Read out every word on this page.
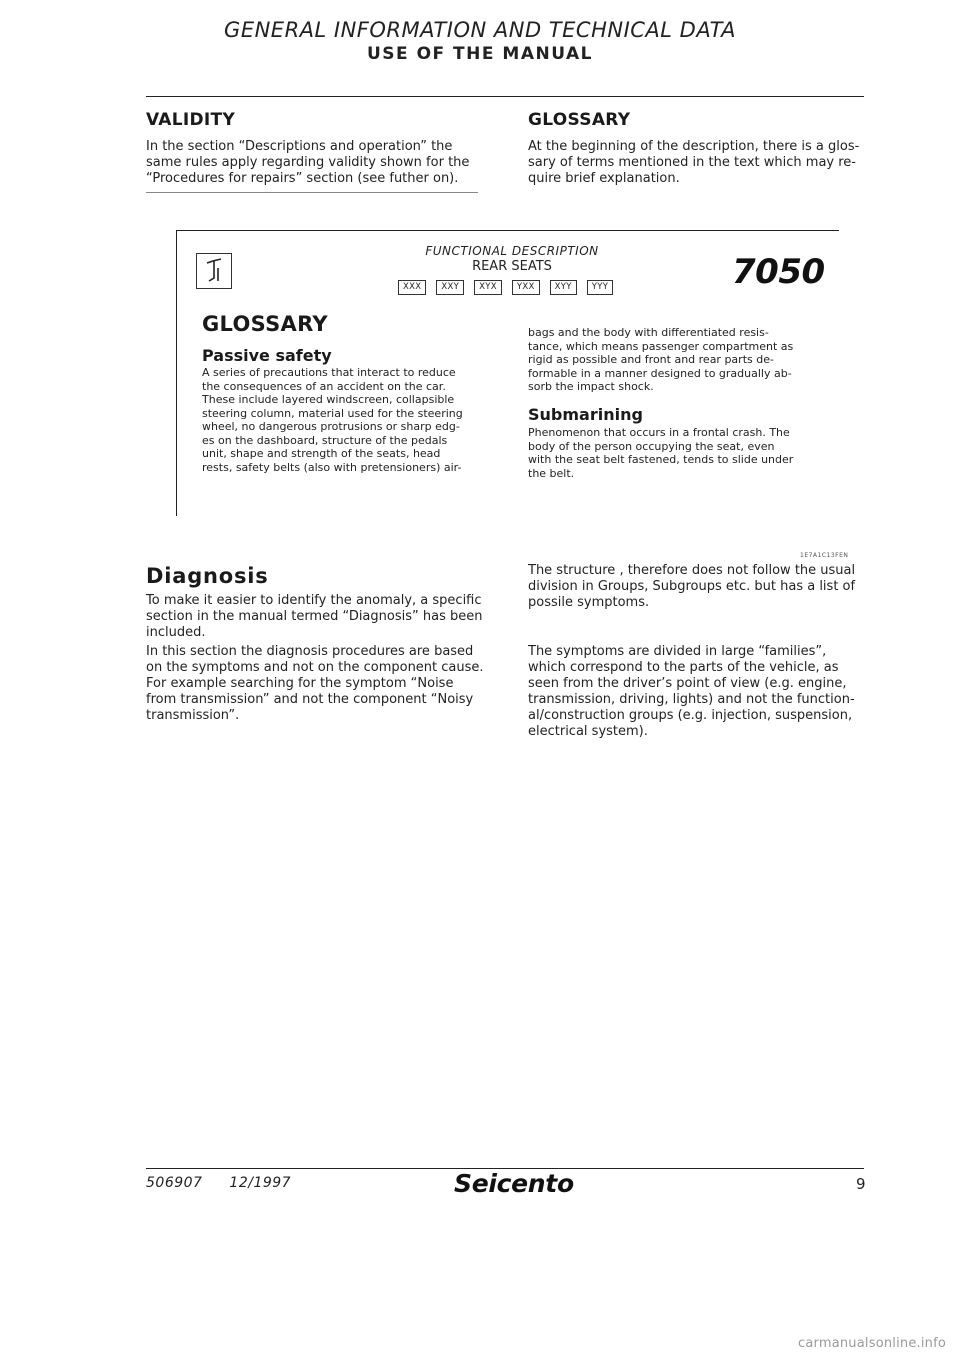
GENERAL INFORMATION AND TECHNICAL DATA
USE OF THE MANUAL
VALIDITY
In the section “Descriptions and operation” the
same rules apply regarding validity shown for the
“Procedures for repairs” section (see futher on).
GLOSSARY
At the beginning of the description, there is a glos-
sary of terms mentioned in the text which may re-
quire brief explanation.
FUNCTIONAL DESCRIPTION
REAR SEATS
XXX	XXY	XYX	YXX	XYY	YYY	7050
GLOSSARY
Passive safety
A series of precautions that interact to reduce
the consequences of an accident on the car.
These include layered windscreen, collapsible
steering column, material used for the steering
wheel, no dangerous protrusions or sharp edg-
es on the dashboard, structure of the pedals
unit, shape and strength of the seats, head
rests, safety belts (also with pretensioners) air-
bags and the body with differentiated resis-
tance, which means passenger compartment as
rigid as possible and front and rear parts de-
formable in a manner designed to gradually ab-
sorb the impact shock.
Submarining
Phenomenon that occurs in a frontal crash. The
body of the person occupying the seat, even
with the seat belt fastened, tends to slide under
the belt.
1E7A1C13FEN
Diagnosis
To make it easier to identify the anomaly, a specific
section in the manual termed “Diagnosis” has been
included.
In this section the diagnosis procedures are based
on the symptoms and not on the component cause.
For example searching for the symptom “Noise
from transmission” and not the component “Noisy
transmission”.
The structure , therefore does not follow the usual
division in Groups, Subgroups etc. but has a list of
possile symptoms.
The symptoms are divided in large “families”,
which correspond to the parts of the vehicle, as
seen from the driver’s point of view (e.g. engine,
transmission, driving, lights) and not the function-
al/construction groups (e.g. injection, suspension,
electrical system).
506907 12/1997	Seicento	9
carmanualsonline.info
